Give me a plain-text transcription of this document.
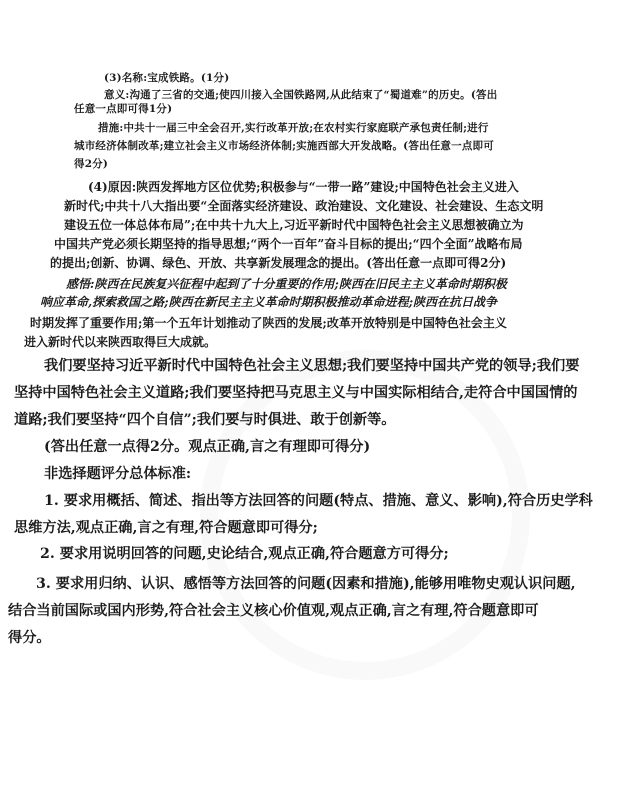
(3)名称:宝成铁路。(1分)
意义:沟通了三省的交通;使四川接入全国铁路网,从此结束了“蜀道难”的历史。(答出
任意一点即可得1分)
措施:中共十一届三中全会召开,实行改革开放;在农村实行家庭联产承包责任制;进行
城市经济体制改革;建立社会主义市场经济体制;实施西部大开发战略。(答出任意一点即可
得2分)
(4)原因:陕西发挥地方区位优势;积极参与“一带一路”建设;中国特色社会主义进入
新时代;中共十八大指出要“全面落实经济建设、政治建设、文化建设、社会建设、生态文明
建设五位一体总体布局”;在中共十九大上,习近平新时代中国特色社会主义思想被确立为
中国共产党必须长期坚持的指导思想;“两个一百年”奋斗目标的提出;“四个全面”战略布局
的提出;创新、协调、绿色、开放、共享新发展理念的提出。(答出任意一点即可得2分)
感悟:陕西在民族复兴征程中起到了十分重要的作用;陕西在旧民主主义革命时期积极
响应革命,探索救国之路;陕西在新民主主义革命时期积极推动革命进程;陕西在抗日战争
时期发挥了重要作用;第一个五年计划推动了陕西的发展;改革开放特别是中国特色社会主义
进入新时代以来陕西取得巨大成就。
我们要坚持习近平新时代中国特色社会主义思想;我们要坚持中国共产党的领导;我们要
坚持中国特色社会主义道路;我们要坚持把马克思主义与中国实际相结合,走符合中国国情的
道路;我们要坚持“四个自信”;我们要与时俱进、敢于创新等。
(答出任意一点得2分。观点正确,言之有理即可得分)
非选择题评分总体标准:
1. 要求用概括、简述、指出等方法回答的问题(特点、措施、意义、影响),符合历史学科
思维方法,观点正确,言之有理,符合题意即可得分;
2. 要求用说明回答的问题,史论结合,观点正确,符合题意方可得分;
3. 要求用归纳、认识、感悟等方法回答的问题(因素和措施),能够用唯物史观认识问题,
结合当前国际或国内形势,符合社会主义核心价值观,观点正确,言之有理,符合题意即可
得分。
